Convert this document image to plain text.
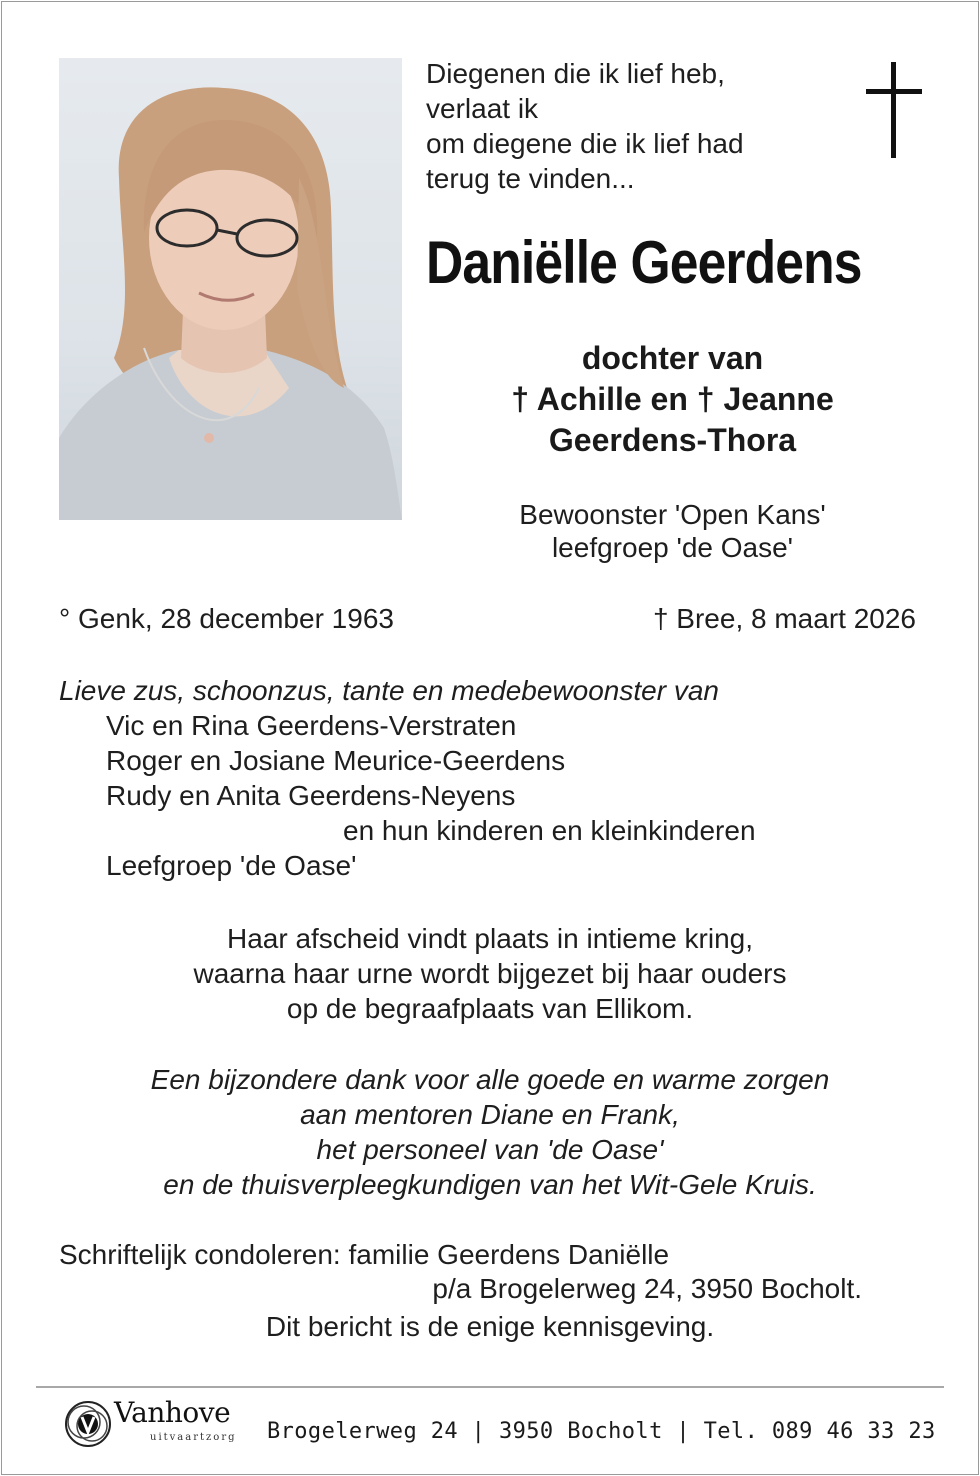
Diegenen die ik lief heb,
verlaat ik
om diegene die ik lief had
terug te vinden...
Daniëlle Geerdens
dochter van
† Achille en † Jeanne
Geerdens-Thora
Bewoonster 'Open Kans'
leefgroep 'de Oase'
° Genk, 28 december 1963	† Bree, 8 maart 2026
Lieve zus, schoonzus, tante en medebewoonster van
Vic en Rina Geerdens-Verstraten
Roger en Josiane Meurice-Geerdens
Rudy en Anita Geerdens-Neyens
en hun kinderen en kleinkinderen
Leefgroep 'de Oase'
Haar afscheid vindt plaats in intieme kring,
waarna haar urne wordt bijgezet bij haar ouders
op de begraafplaats van Ellikom.
Een bijzondere dank voor alle goede en warme zorgen
aan mentoren Diane en Frank,
het personeel van 'de Oase'
en de thuisverpleegkundigen van het Wit-Gele Kruis.
Schriftelijk condoleren: familie Geerdens Daniëlle
p/a Brogelerweg 24, 3950 Bocholt.
Dit bericht is de enige kennisgeving.
Vanhove
uitvaartzorg Brogelerweg 24 | 3950 Bocholt | Tel. 089 46 33 23
